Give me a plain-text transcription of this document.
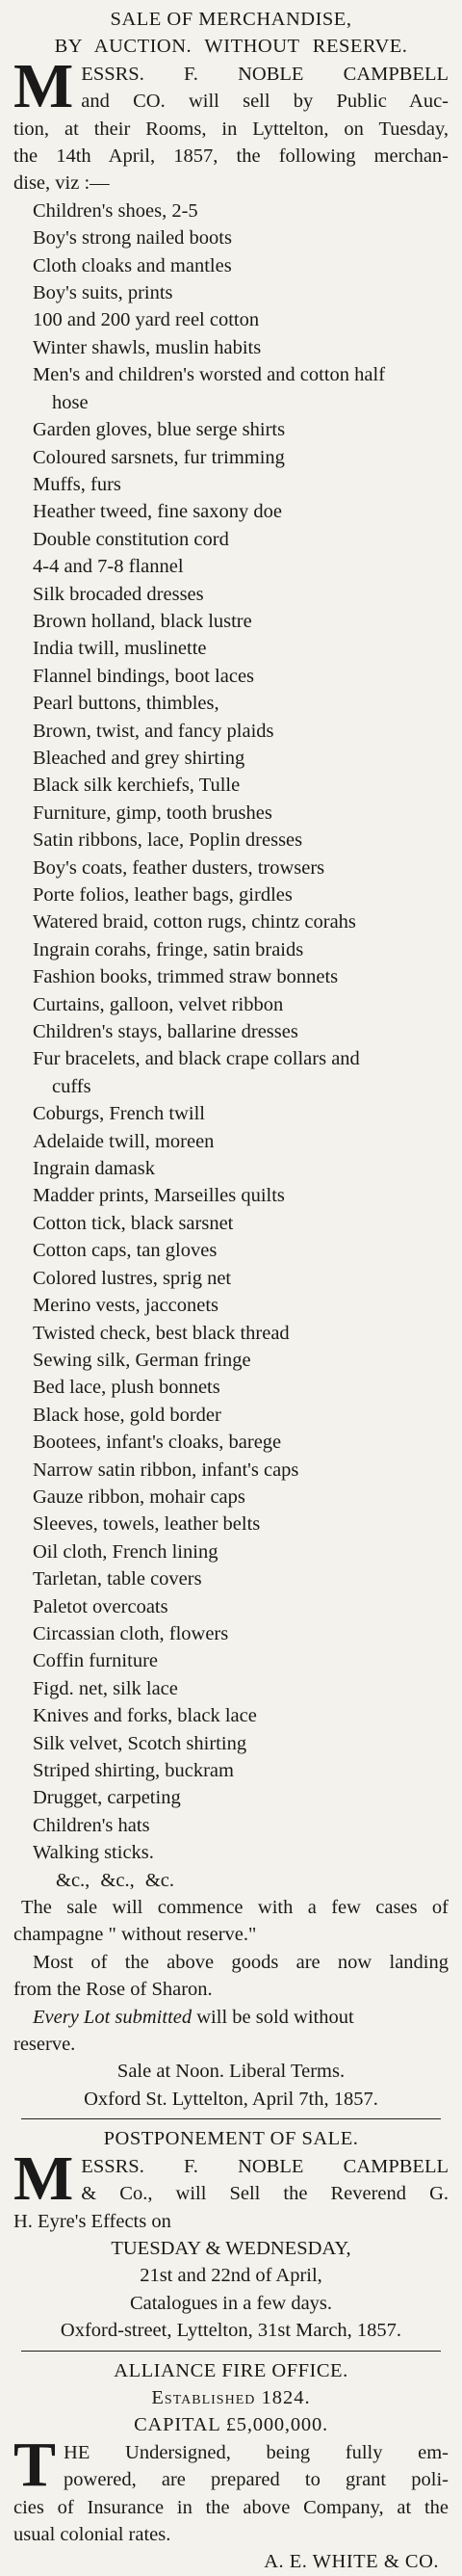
SALE OF MERCHANDISE,
BY AUCTION. WITHOUT RESERVE.
M ESSRS. F. NOBLE CAMPBELL
and CO. will sell by Public Auc-
tion, at their Rooms, in Lyttelton, on Tuesday,
the 14th April, 1857, the following merchan-
dise, viz :—
Children's shoes, 2-5
Boy's strong nailed boots
Cloth cloaks and mantles
Boy's suits, prints
100 and 200 yard reel cotton
Winter shawls, muslin habits
Men's and children's worsted and cotton half
hose
Garden gloves, blue serge shirts
Coloured sarsnets, fur trimming
Muffs, furs
Heather tweed, fine saxony doe
Double constitution cord
4-4 and 7-8 flannel
Silk brocaded dresses
Brown holland, black lustre
India twill, muslinette
Flannel bindings, boot laces
Pearl buttons, thimbles,
Brown, twist, and fancy plaids
Bleached and grey shirting
Black silk kerchiefs, Tulle
Furniture, gimp, tooth brushes
Satin ribbons, lace, Poplin dresses
Boy's coats, feather dusters, trowsers
Porte folios, leather bags, girdles
Watered braid, cotton rugs, chintz corahs
Ingrain corahs, fringe, satin braids
Fashion books, trimmed straw bonnets
Curtains, galloon, velvet ribbon
Children's stays, ballarine dresses
Fur bracelets, and black crape collars and
cuffs
Coburgs, French twill
Adelaide twill, moreen
Ingrain damask
Madder prints, Marseilles quilts
Cotton tick, black sarsnet
Cotton caps, tan gloves
Colored lustres, sprig net
Merino vests, jacconets
Twisted check, best black thread
Sewing silk, German fringe
Bed lace, plush bonnets
Black hose, gold border
Bootees, infant's cloaks, barege
Narrow satin ribbon, infant's caps
Gauze ribbon, mohair caps
Sleeves, towels, leather belts
Oil cloth, French lining
Tarletan, table covers
Paletot overcoats
Circassian cloth, flowers
Coffin furniture
Figd. net, silk lace
Knives and forks, black lace
Silk velvet, Scotch shirting
Striped shirting, buckram
Drugget, carpeting
Children's hats
Walking sticks.
&c., &c., &c.
The sale will commence with a few cases of
champagne " without reserve."
Most of the above goods are now landing
from the Rose of Sharon.
Every Lot submitted will be sold without
reserve.
Sale at Noon. Liberal Terms.
Oxford St. Lyttelton, April 7th, 1857.
POSTPONEMENT OF SALE.
M ESSRS. F. NOBLE CAMPBELL
& Co., will Sell the Reverend G.
H. Eyre's Effects on
TUESDAY & WEDNESDAY,
21st and 22nd of April,
Catalogues in a few days.
Oxford-street, Lyttelton, 31st March, 1857.
ALLIANCE FIRE OFFICE.
Established 1824.
CAPITAL £5,000,000.
T HE Undersigned, being fully em-
powered, are prepared to grant poli-
cies of Insurance in the above Company, at the
usual colonial rates.
A. E. WHITE & CO.
